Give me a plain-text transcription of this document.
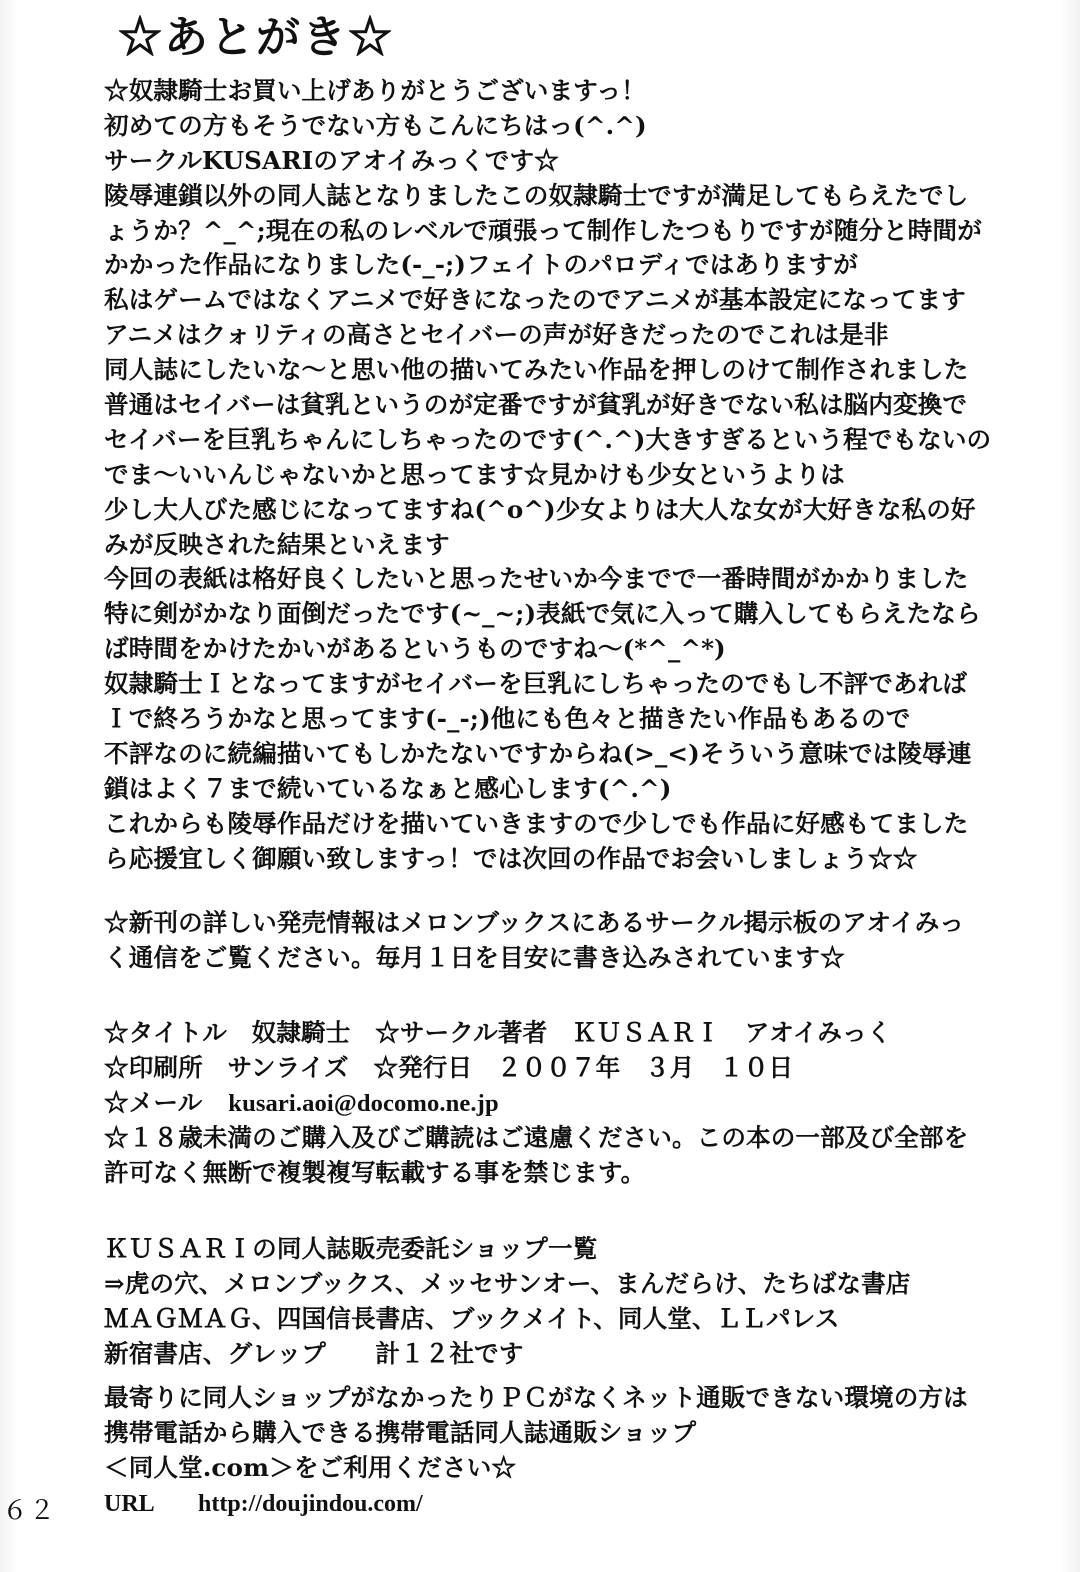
☆あとがき☆
☆奴隷騎士お買い上げありがとうございますっ！
初めての方もそうでない方もこんにちはっ(^.^)
サークルKUSARIのアオイみっくです☆
陵辱連鎖以外の同人誌となりましたこの奴隷騎士ですが満足してもらえたでし
ょうか？^_^;現在の私のレベルで頑張って制作したつもりですが随分と時間が
かかった作品になりました(-_-;)フェイトのパロディではありますが
私はゲームではなくアニメで好きになったのでアニメが基本設定になってます
アニメはクォリティの高さとセイバーの声が好きだったのでこれは是非
同人誌にしたいな～と思い他の描いてみたい作品を押しのけて制作されました
普通はセイバーは貧乳というのが定番ですが貧乳が好きでない私は脳内変換で
セイバーを巨乳ちゃんにしちゃったのです(^.^)大きすぎるという程でもないの
でま～いいんじゃないかと思ってます☆見かけも少女というよりは
少し大人びた感じになってますね(^o^)少女よりは大人な女が大好きな私の好
みが反映された結果といえます
今回の表紙は格好良くしたいと思ったせいか今までで一番時間がかかりました
特に剣がかなり面倒だったです(~_~;)表紙で気に入って購入してもらえたなら
ば時間をかけたかいがあるというものですね～(*^_^*)
奴隷騎士Ｉとなってますがセイバーを巨乳にしちゃったのでもし不評であれば
Ｉで終ろうかなと思ってます(-_-;)他にも色々と描きたい作品もあるので
不評なのに続編描いてもしかたないですからね(>_<)そういう意味では陵辱連
鎖はよく７まで続いているなぁと感心します(^.^)
これからも陵辱作品だけを描いていきますので少しでも作品に好感もてました
ら応援宜しく御願い致しますっ！では次回の作品でお会いしましょう☆☆
☆新刊の詳しい発売情報はメロンブックスにあるサークル掲示板のアオイみっ
く通信をご覧ください。毎月１日を目安に書き込みされています☆
☆タイトル　奴隷騎士　☆サークル著者　ＫＵＳＡＲＩ　アオイみっく
☆印刷所　サンライズ　☆発行日　２００７年　３月　１０日
☆メール kusari.aoi@docomo.ne.jp
☆１８歳未満のご購入及びご購読はご遠慮ください。この本の一部及び全部を
許可なく無断で複製複写転載する事を禁じます。
ＫＵＳＡＲＩの同人誌販売委託ショップ一覧
⇒虎の穴、メロンブックス、メッセサンオー、まんだらけ、たちばな書店
ＭＡＧＭＡＧ、四国信長書店、ブックメイト、同人堂、ＬＬパレス
新宿書店、グレップ　　計１２社です
最寄りに同人ショップがなかったりＰＣがなくネット通販できない環境の方は
携帯電話から購入できる携帯電話同人誌通販ショップ
＜同人堂.com＞をご利用ください☆
URL http://doujindou.com/
６２
